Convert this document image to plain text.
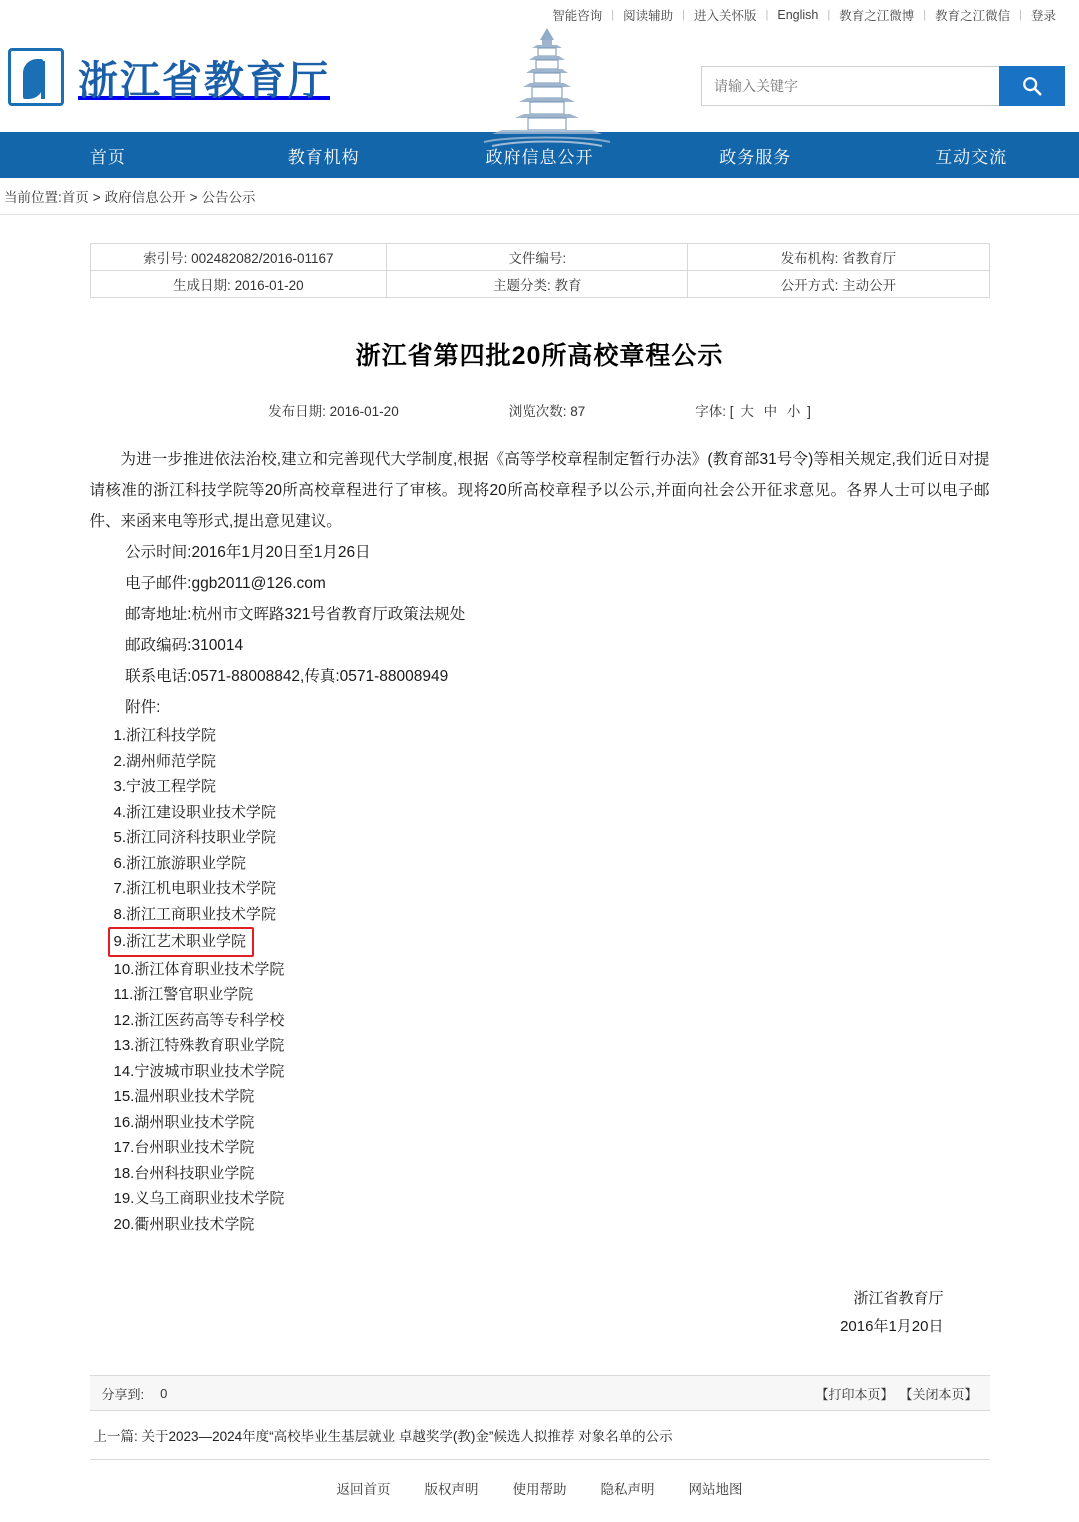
智能咨询 | 阅读辅助 | 进入关怀版 | English | 教育之江微博 | 教育之江微信 | 登录
浙江省教育厅
请输入关键字
首页	教育机构	政府信息公开	政务服务	互动交流
当前位置:首页 > 政府信息公开 > 公告公示
索引号: 002482082/2016-01167	文件编号:	发布机构: 省教育厅
生成日期: 2016-01-20	主题分类: 教育	公开方式: 主动公开
浙江省第四批20所高校章程公示
发布日期: 2016-01-20	浏览次数: 87	字体: [ 大 中 小 ]

为进一步推进依法治校,建立和完善现代大学制度,根据《高等学校章程制定暂行办法》(教育部31号令)等相关规定,我们近日对提请核准的浙江科技学院等20所高校章程进行了审核。现将20所高校章程予以公示,并面向社会公开征求意见。各界人士可以电子邮件、来函来电等形式,提出意见建议。

公示时间:2016年1月20日至1月26日

电子邮件:ggb2011@126.com

邮寄地址:杭州市文晖路321号省教育厅政策法规处

邮政编码:310014

联系电话:0571-88008842,传真:0571-88008949

附件:

1.浙江科技学院

2.湖州师范学院

3.宁波工程学院

4.浙江建设职业技术学院

5.浙江同济科技职业学院

6.浙江旅游职业学院

7.浙江机电职业技术学院

8.浙江工商职业技术学院

9.浙江艺术职业学院

10.浙江体育职业技术学院

11.浙江警官职业学院

12.浙江医药高等专科学校

13.浙江特殊教育职业学院

14.宁波城市职业技术学院

15.温州职业技术学院

16.湖州职业技术学院

17.台州职业技术学院

18.台州科技职业学院

19.义乌工商职业技术学院

20.衢州职业技术学院

浙江省教育厅
2016年1月20日
分享到: 0	【打印本页】 【关闭本页】
上一篇: 关于2023—2024年度“高校毕业生基层就业 卓越奖学(教)金”候选人拟推荐 对象名单的公示
返回首页	版权声明	使用帮助	隐私声明	网站地图
